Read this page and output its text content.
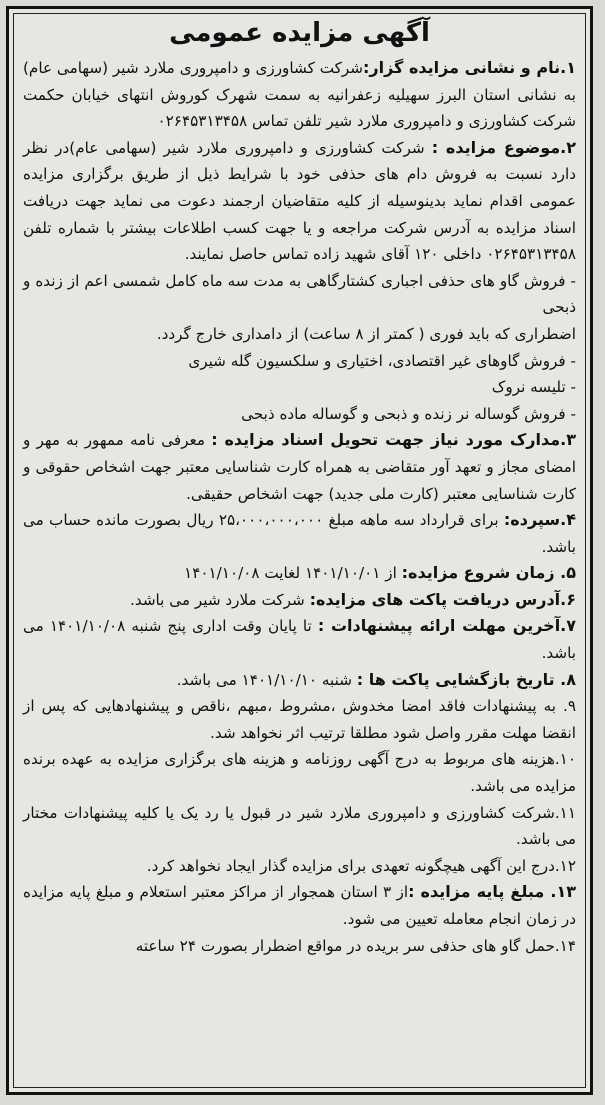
آگهی مزایده عمومی

۱.نام و نشانی مزایده گزار:شرکت کشاورزی و دامپروری ملارد شیر (سهامی عام) به نشانی استان البرز سهیلیه زعفرانیه به سمت شهرک کوروش انتهای خیابان حکمت شرکت کشاورزی و دامپروری ملارد شیر تلفن تماس ۰۲۶۴۵۳۱۳۴۵۸

۲.موضوع مزایده : شرکت کشاورزی و دامپروری ملارد شیر (سهامی عام)در نظر دارد نسبت به فروش دام های حذفی خود با شرایط ذیل از طریق برگزاری مزایده عمومی اقدام نماید بدینوسیله از کلیه متقاضیان ارجمند دعوت می نماید جهت دریافت اسناد مزایده به آدرس شرکت مراجعه و یا جهت کسب اطلاعات بیشتر با شماره تلفن ۰۲۶۴۵۳۱۳۴۵۸ داخلی ۱۲۰ آقای شهید زاده تماس حاصل نمایند.

- فروش گاو های حذفی اجباری کشتارگاهی به مدت سه ماه کامل شمسی اعم از زنده و ذبحی

اضطراری که باید فوری ( کمتر از ۸ ساعت) از دامداری خارج گردد.

- فروش گاوهای غیر اقتصادی، اختیاری و سلکسیون گله شیری

- تلیسه نروک

- فروش گوساله نر زنده و ذبحی و گوساله ماده ذبحی

۳.مدارک مورد نیاز جهت تحویل اسناد مزایده : معرفی نامه ممهور به مهر و امضای مجاز و تعهد آور متقاضی به همراه کارت شناسایی معتبر جهت اشخاص حقوقی و کارت شناسایی معتبر (کارت ملی جدید) جهت اشخاص حقیقی.

۴.سپرده: برای قرارداد سه ماهه مبلغ ۲۵،۰۰۰،۰۰۰،۰۰۰ ریال بصورت مانده حساب می باشد.

۵. زمان شروع مزایده: از ۱۴۰۱/۱۰/۰۱ لغایت ۱۴۰۱/۱۰/۰۸

۶.آدرس دریافت پاکت های مزایده: شرکت ملارد شیر می باشد.

۷.آخرین مهلت ارائه پیشنهادات : تا پایان وقت اداری پنج شنبه ۱۴۰۱/۱۰/۰۸ می باشد.

۸. تاریخ بازگشایی پاکت ها : شنبه ۱۴۰۱/۱۰/۱۰ می باشد.

۹. به پیشنهادات فاقد امضا مخدوش ،مشروط ،مبهم ،ناقص و پیشنهادهایی که پس از انقضا مهلت مقرر واصل شود مطلقا ترتیب اثر نخواهد شد.

۱۰.هزینه های مربوط به درج آگهی روزنامه و هزینه های برگزاری مزایده به عهده برنده مزایده می باشد.

۱۱.شرکت کشاورزی و دامپروری ملارد شیر در قبول یا رد یک یا کلیه پیشنهادات مختار می باشد.

۱۲.درج این آگهی هیچگونه تعهدی برای مزایده گذار ایجاد نخواهد کرد.

۱۳. مبلغ پایه مزایده :از ۳ استان همجوار از مراکز معتبر استعلام و مبلغ پایه مزایده در زمان انجام معامله تعیین می شود.

۱۴.حمل گاو های حذفی سر بریده در مواقع اضطرار بصورت ۲۴ ساعته
